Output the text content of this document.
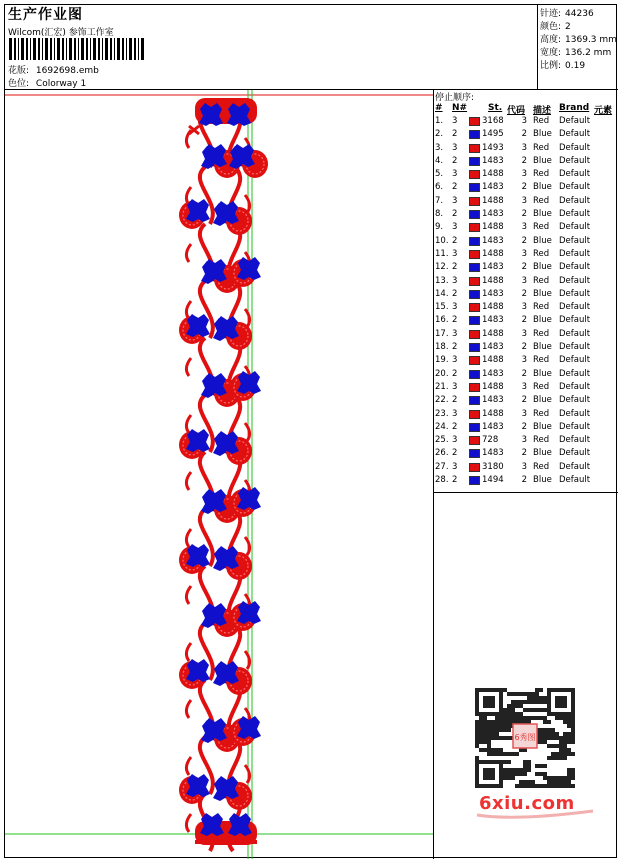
生产作业图
Wilcom(汇宏) 参饰工作室
花版: 1692698.emb
色位: Colorway 1
针迹: 44236
颜色: 2
高度: 1369.3 mm
宽度: 136.2 mm
比例: 0.19
停止顺序:
# N# St. 代码 描述 Brand 元素
1. 3	3168	3 Red Default
2. 2	1495	2 Blue Default
3. 3	1493	3 Red Default
4. 2	1483	2 Blue Default
5. 3	1488	3 Red Default
6. 2	1483	2 Blue Default
7. 3	1488	3 Red Default
8. 2	1483	2 Blue Default
9. 3	1488	3 Red Default
10. 2	1483	2 Blue Default
11. 3	1488	3 Red Default
12. 2	1483	2 Blue Default
13. 3	1488	3 Red Default
14. 2	1483	2 Blue Default
15. 3	1488	3 Red Default
16. 2	1483	2 Blue Default
17. 3	1488	3 Red Default
18. 2	1483	2 Blue Default
19. 3	1488	3 Red Default
20. 2	1483	2 Blue Default
21. 3	1488	3 Red Default
22. 2	1483	2 Blue Default
23. 3	1488	3 Red Default
24. 2	1483	2 Blue Default
25. 3	728	3 Red Default
26. 2	1483	2 Blue Default
27. 3	3180	3 Red Default
28. 2	1494	2 Blue Default
6秀图
6xiu.com
